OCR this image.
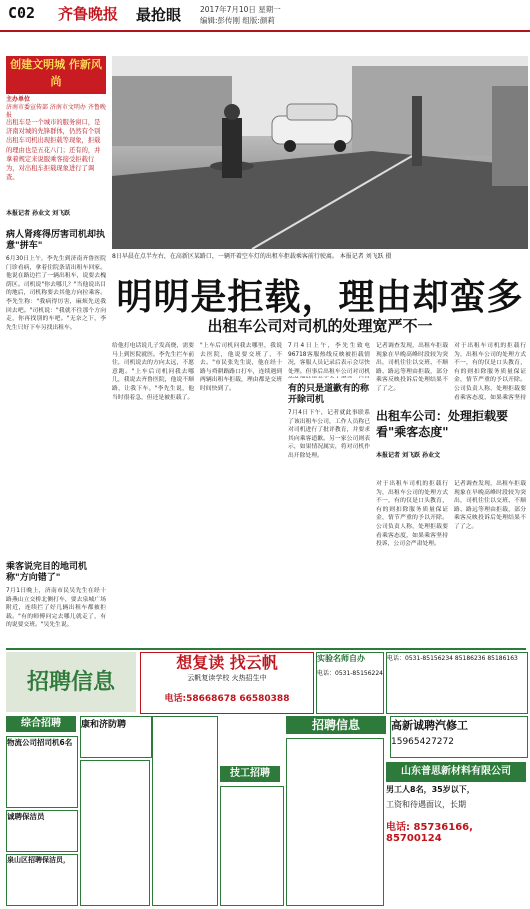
C02 齐鲁晚报 最抢眼	2017年7月10日 星期一
编辑:彭传刚 组版:颜莉
创建文明城 作新风尚
主办单位
济南市委宣传部 济南市文明办 齐鲁晚报
出租车是一个城市的服务窗口，是济南对城的先锋群体，仍然有个别出租车司机出现拒载等现象，拒载的理由也是五花八门；还有的，并拿着规定来说服乘客接受拒载行为，对出租车拒载现象进行了调查。
本报记者 孙业文 刘飞跃
病人肾疼得厉害司机却执意"拼车"
6月30日上午，李先生到济南齐鲁医院门诊看病，拿着住院条请出租车回家。他说在路边拦了一辆出租车，说要去槐荫区。司机说"你去哪儿？"当他说出目的地后，司机称要去其他方向拉乘客。李先生称："我病得厉害，麻烦先送我回去吧。"司机说："我就不往那个方向走，你再找别的车吧。"无奈之下，李先生只好下车另找出租车。
乘客说完目的地司机称"方向错了"
7月1日晚上，济南市民吴先生在经十路燕山立交桥北侧打车，要去泉城广场附近，连续拦了好几辆出租车都被拒载。"有的师傅问完去哪儿就走了，有的说要交班。"吴先生说。
8日早晨在点半左右，在高新区某路口，一辆开着空车灯的出租车拒载乘客前行驶离。 本报记者 刘飞跃 摄
明明是拒载，理由却蛮多
出租车公司对司机的处理宽严不一
给他打电话说儿子发高烧，需要马上到医院就医。李先生拦车前往，司机说去的方向太远，不愿意跑。"上车后司机问我去哪儿，我说去齐鲁医院，他说不顺路，让我下车。"李先生说，他当时很着急，但还是被拒载了。
"上车后司机问我去哪里，我说去医院，他说要交班了，不去。"市民张先生说，他在经十路与舜耕路路口打车，连续遇到两辆出租车拒载，理由都是交班时间快到了。
7月4日上午，李先生致电96718客服热线反映被拒载情况，客服人员记录后表示会尽快处理。但事后出租车公司对司机
有的只是道歉有的称开除司机
7月4日下午，记者就此事联系了该出租车公司，工作人员称已对司机进行了批评教育，并要求其向乘客道歉。另一家公司则表示，如果情况属实，将对司机作出开除处理。
记者调查发现，出租车拒载现象在早晚高峰时段较为突出，司机往往以交班、不顺路、路远等理由拒载，部分乘客反映投诉后处理结果不了了之。
对于出租车司机的拒载行为，出租车公司的处理方式不一，有的仅是口头教育，有的则扣除服务质量保证金，情节严重的予以开除。公司负责人称，处理拒载要看乘客态度，如果乘客坚持
出租车公司：处理拒载要看"乘客态度"
本报记者 刘飞跃 孙业文
对于出租车司机的拒载行为，出租车公司的处理方式不一，有的仅是口头教育，有的则扣除服务质量保证金，情节严重的予以开除。公司负责人称，处理拒载要看乘客态度，如果乘客坚持投诉，公司会严肃处理。
记者调查发现，出租车拒载现象在早晚高峰时段较为突出，司机往往以交班、不顺路、路远等理由拒载，部分乘客反映投诉后处理结果不了了之。
招聘信息
想复读 找云帆
云帆复读学校 火热招生中
电话:58668678 66580388
实验名师自办
电话：0531-85156224
电话：0531-85156234 85186236 85186163
综合招聘	康和济防聘	招聘信息	高新诚聘汽修工
15965427272
物流公司招司机6名
技工招聘	山东普思新材料有限公司
男工人8名，35岁以下，
工资和待遇面议，长期
电话: 85736166, 85700124
诚聘保洁员
泉山区招聘保洁员，
